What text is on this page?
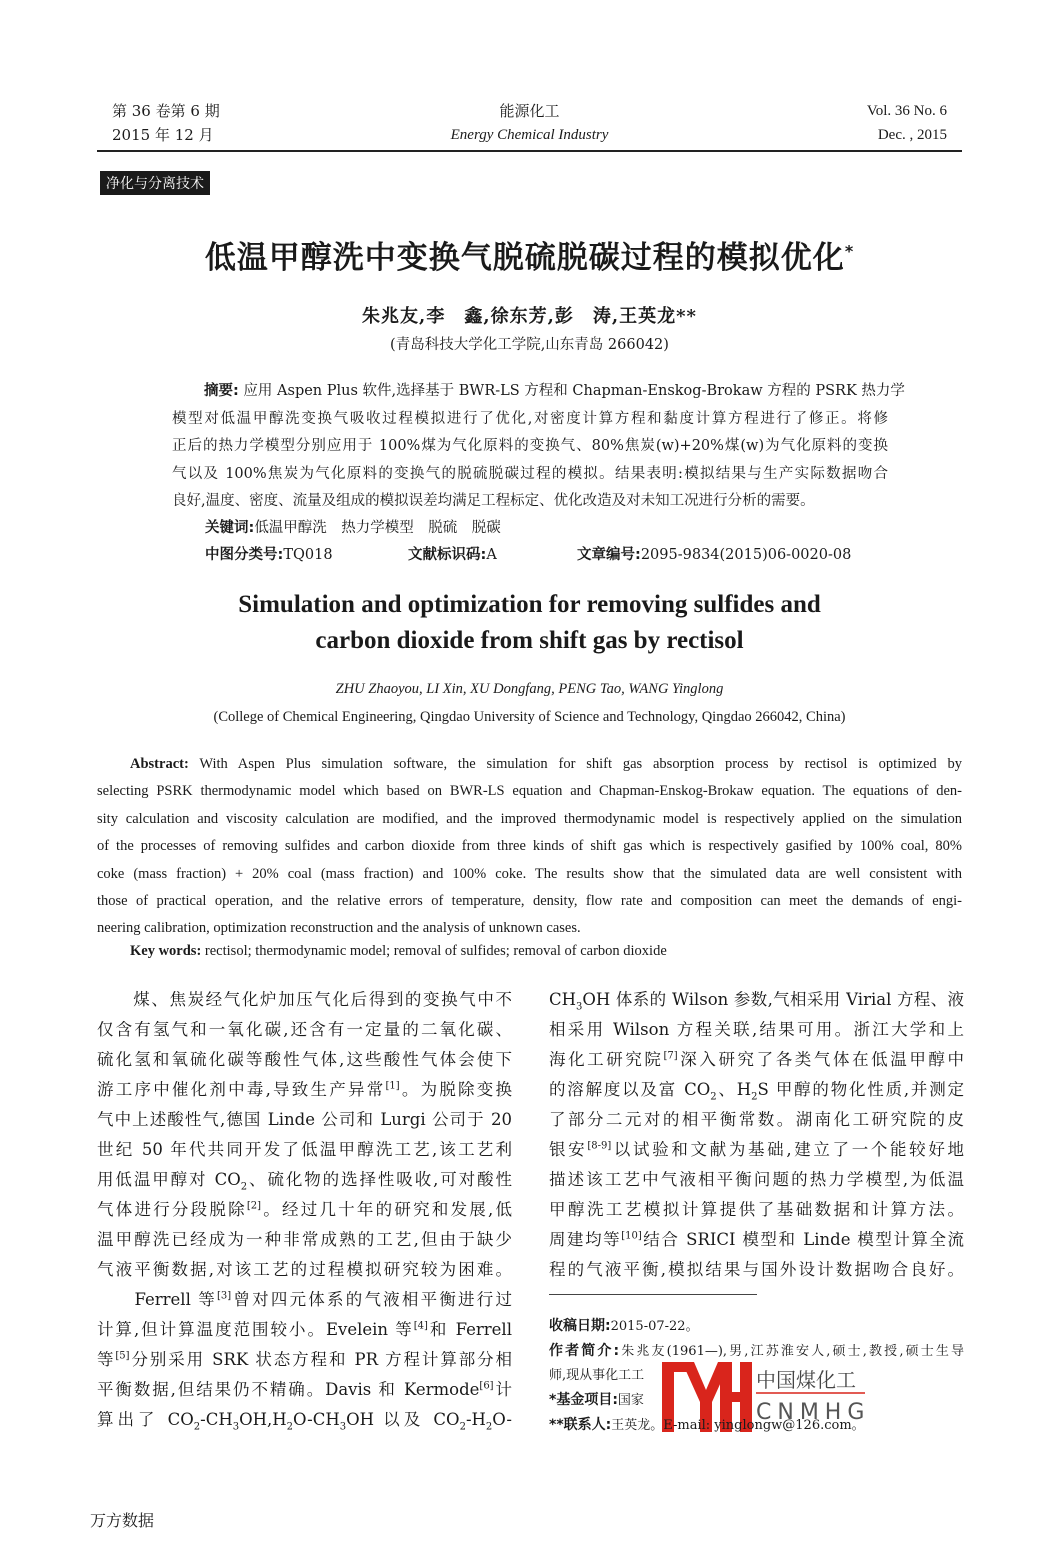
第 36 卷第 6 期
2015 年 12 月
能源化工
Energy Chemical Industry
Vol. 36 No. 6
Dec. , 2015
净化与分离技术
低温甲醇洗中变换气脱硫脱碳过程的模拟优化*
朱兆友,李　鑫,徐东芳,彭　涛,王英龙**
(青岛科技大学化工学院,山东青岛 266042)
摘要: 应用 Aspen Plus 软件,选择基于 BWR-LS 方程和 Chapman-Enskog-Brokaw 方程的 PSRK 热力学
模型对低温甲醇洗变换气吸收过程模拟进行了优化,对密度计算方程和黏度计算方程进行了修正。将修
正后的热力学模型分别应用于 100%煤为气化原料的变换气、80%焦炭(w)+20%煤(w)为气化原料的变换
气以及 100%焦炭为气化原料的变换气的脱硫脱碳过程的模拟。结果表明:模拟结果与生产实际数据吻合
良好,温度、密度、流量及组成的模拟误差均满足工程标定、优化改造及对未知工况进行分析的需要。
关键词:低温甲醇洗　热力学模型　脱硫　脱碳
中图分类号:TQ018	文献标识码:A	文章编号:2095-9834(2015)06-0020-08
Simulation and optimization for removing sulfides and
carbon dioxide from shift gas by rectisol
ZHU Zhaoyou, LI Xin, XU Dongfang, PENG Tao, WANG Yinglong
(College of Chemical Engineering, Qingdao University of Science and Technology, Qingdao 266042, China)
Abstract: With Aspen Plus simulation software, the simulation for shift gas absorption process by rectisol is optimized by
selecting PSRK thermodynamic model which based on BWR-LS equation and Chapman-Enskog-Brokaw equation. The equations of den-
sity calculation and viscosity calculation are modified, and the improved thermodynamic model is respectively applied on the simulation
of the processes of removing sulfides and carbon dioxide from three kinds of shift gas which is respectively gasified by 100% coal, 80%
coke (mass fraction) + 20% coal (mass fraction) and 100% coke. The results show that the simulated data are well consistent with
those of practical operation, and the relative errors of temperature, density, flow rate and composition can meet the demands of engi-
neering calibration, optimization reconstruction and the analysis of unknown cases.
Key words: rectisol; thermodynamic model; removal of sulfides; removal of carbon dioxide
　　煤、焦炭经气化炉加压气化后得到的变换气中不
仅含有氢气和一氧化碳,还含有一定量的二氧化碳、
硫化氢和氧硫化碳等酸性气体,这些酸性气体会使下
游工序中催化剂中毒,导致生产异常[1]。为脱除变换
气中上述酸性气,德国 Linde 公司和 Lurgi 公司于 20
世纪 50 年代共同开发了低温甲醇洗工艺,该工艺利
用低温甲醇对 $CO_2$、硫化物的选择性吸收,可对酸性
气体进行分段脱除[2]。经过几十年的研究和发展,低
温甲醇洗已经成为一种非常成熟的工艺,但由于缺少
气液平衡数据,对该工艺的过程模拟研究较为困难。
　　Ferrell 等[3]曾对四元体系的气液相平衡进行过
计算,但计算温度范围较小。Evelein 等[4]和 Ferrell
等[5]分别采用 SRK 状态方程和 PR 方程计算部分相
平衡数据,但结果仍不精确。Davis 和 Kermode[6]计
算出了 $CO_2-CH_3OH,H_2O-CH_3OH$ 以及 $CO_2-H_2O-$
$CH_3OH$ 体系的 Wilson 参数,气相采用 Virial 方程、液
相采用 Wilson 方程关联,结果可用。浙江大学和上
海化工研究院[7]深入研究了各类气体在低温甲醇中
的溶解度以及富 $CO_2$、$H_2S$ 甲醇的物化性质,并测定
了部分二元对的相平衡常数。湖南化工研究院的皮
银安[8-9]以试验和文献为基础,建立了一个能较好地
描述该工艺中气液相平衡问题的热力学模型,为低温
甲醇洗工艺模拟计算提供了基础数据和计算方法。
周建均等[10]结合 SRICI 模型和 Linde 模型计算全流
程的气液平衡,模拟结果与国外设计数据吻合良好。
中国煤化工
CNMHG
收稿日期:2015-07-22。
作者简介:朱兆友(1961—),男,江苏淮安人,硕士,教授,硕士生导
师,现从事化工工
*基金项目:国家
**联系人:王英龙。E-mail: yinglongw@126.com。
万方数据
